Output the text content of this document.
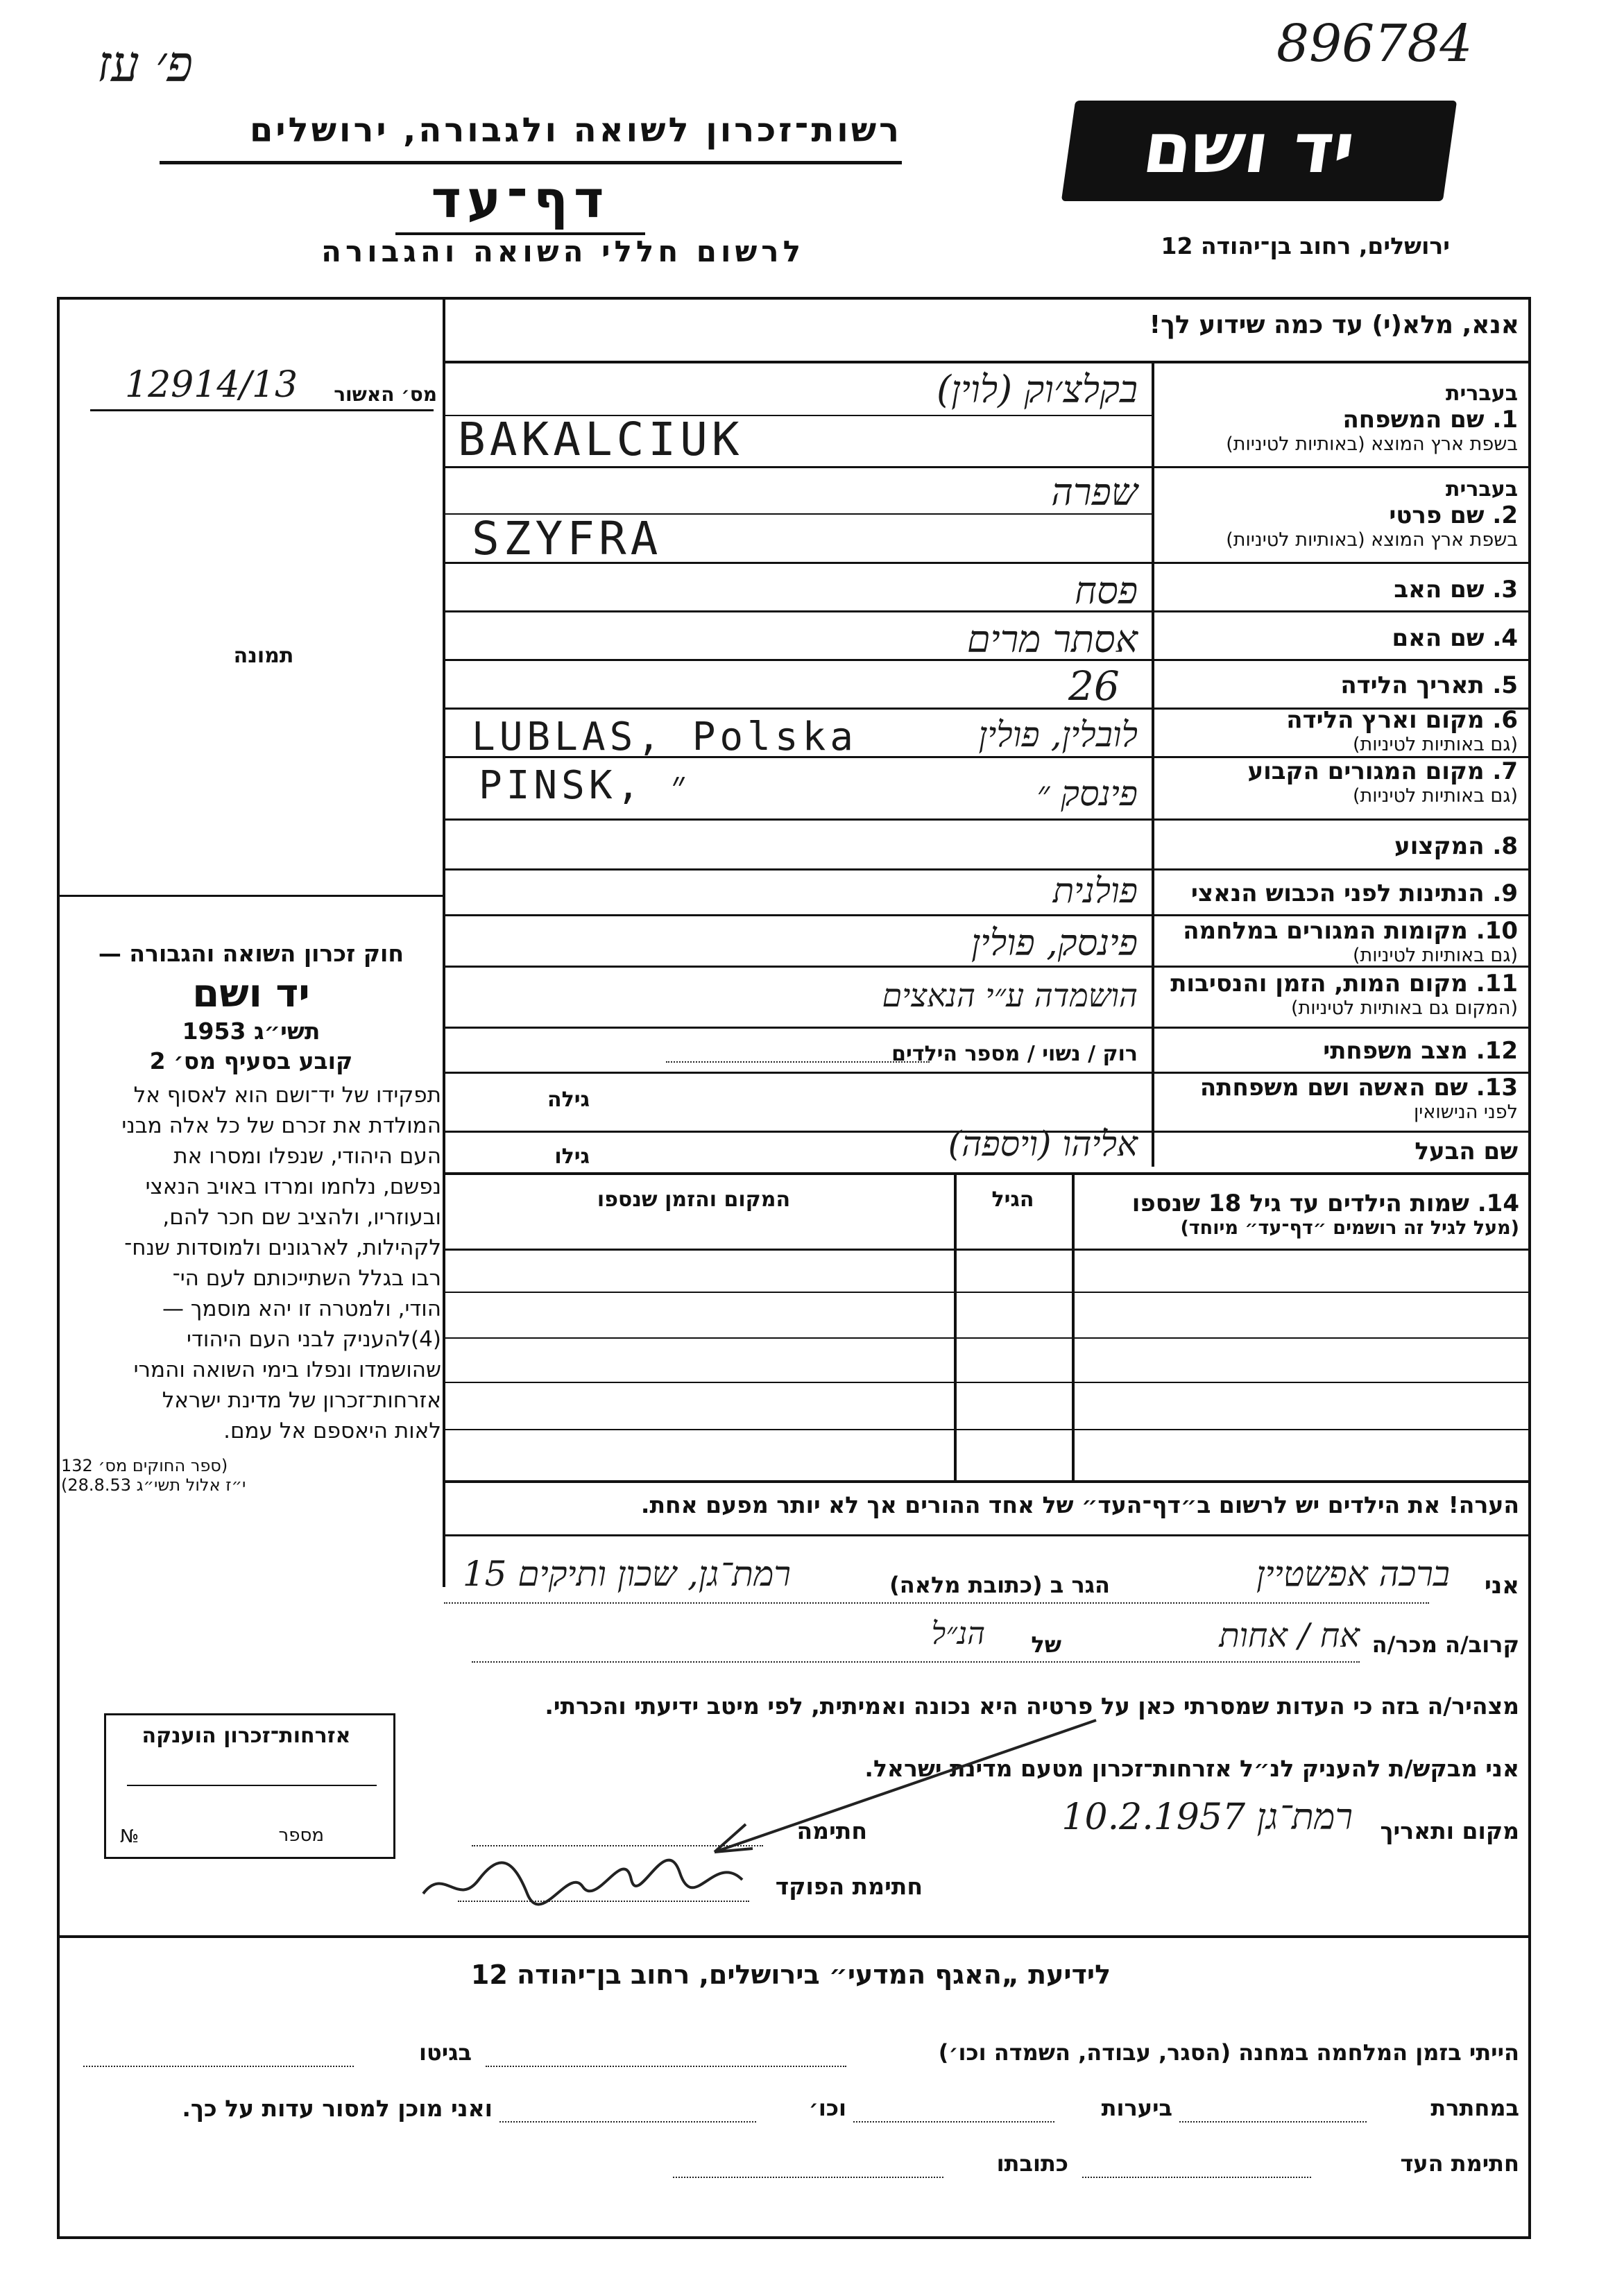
פ׳ עז	896784
רשות־זכרון לשואה ולגבורה, ירושלים
דף־עד
לרשום חללי השואה והגבורה
יד ושם
ירושלים, רחוב בן־יהודה 12
אנא, מלא(י) עד כמה שידוע לך!
מס׳ האשור
12914/13
תמונה
חוק זכרון השואה והגבורה —
יד ושם
תשי״ג 1953
קובע בסעיף מס׳ 2
תפקידו של יד־ושם הוא לאסוף אל
המולדת את זכרם של כל אלה מבני
העם היהודי, שנפלו ומסרו את
נפשם, נלחמו ומרדו באויב הנאצי
ובעוזריו, ולהציב שם חכר להם,
לקהילות, לארגונים ולמוסדות שנח־
רבו בגלל השתייכותם לעם הי־
הודי, ולמטרה זו יהא מוסמך —
(4)להעניק לבני העם היהודי
שהושמדו ונפלו בימי השואה והמרי
אזרחות־זכרון של מדינת ישראל
לאות היאספם אל עמם.
(ספר החוקים מס׳ 132
י״ז אלול תשי״ג 28.8.53)
בעברית
1. שם המשפחה
בשפת ארץ המוצא (באותיות לטיניות)
בקלצ׳וק (לוין)
BAKALCIUK
בעברית
2. שם פרטי
בשפת ארץ המוצא (באותיות לטיניות)
שפרה
SZYFRA
3. שם האב
פסח
4. שם האם
אסתר מרים
5. תאריך הלידה
26
6. מקום וארץ הלידה
(גם באותיות לטיניות)
לובלין, פולין
LUBLAS, Polska
7. מקום המגורים הקבוע
(גם באותיות לטיניות)
פינסק ״
PINSK, ״
8. המקצוע
9. הנתינות לפני הכבוש הנאצי
פולנית
10. מקומות המגורים במלחמה
(גם באותיות לטיניות)
פינסק, פולין
11. מקום המות, הזמן והנסיבות
(המקום גם באותיות לטיניות)
הושמדה ע״י הנאצים
12. מצב משפחתי
רוק / נשוי / מספר הילדים
13. שם האשה ושם משפחתה
לפני הנישואין
גילה
שם הבעל
גילו	אליהו (ויספה)
14. שמות הילדים עד גיל 18 שנספו
(מעל לגיל זה רושמים ״דף־עד״ מיוחד)
הגיל
המקום והזמן שנספו
הערה! את הילדים יש לרשום ב״דף־העד״ של אחד ההורים אך לא יותר מפעם אחת.
אני
ברכה אפשטיין
הגר ב (כתובת מלאה)
רמת־גן, שכון ותיקים 15
קרוב/ה מכר/ה
אח / אחות
של
הנ״ל
מצהיר/ה בזה כי העדות שמסרתי כאן על פרטיה היא נכונה ואמיתית, לפי מיטב ידיעתי והכרתי.
אני מבקש/ת להעניק לנ״ל אזרחות־זכרון מטעם מדינת ישראל.
מקום ותאריך
רמת־גן 10.2.1957
חתימה
חתימת הפוקד
אזרחות־זכרון הוענקה
מספר
№
לידיעת „האגף המדעי״ בירושלים, רחוב בן־יהודה 12
הייתי בזמן המלחמה במחנה (הסגר, עבודה, השמדה וכו׳)
בגיטו
במחתרת
ביערות
וכו׳
ואני מוכן למסור עדות על כך.
חתימת העד
כתובתו
